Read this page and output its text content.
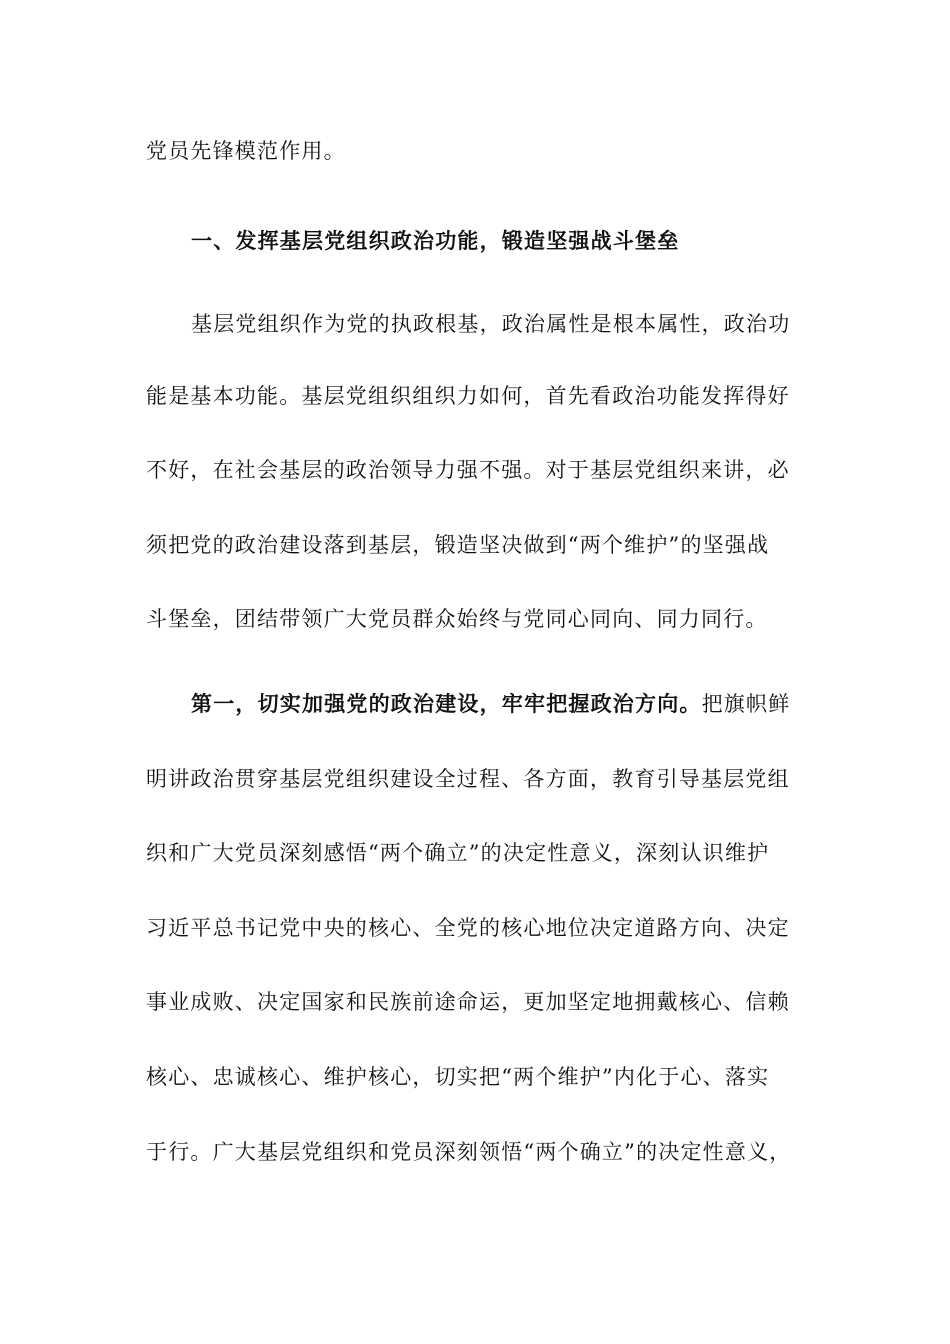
党员先锋模范作用。
一、发挥基层党组织政治功能，锻造坚强战斗堡垒
基层党组织作为党的执政根基，政治属性是根本属性，政治功
能是基本功能。基层党组织组织力如何，首先看政治功能发挥得好
不好，在社会基层的政治领导力强不强。对于基层党组织来讲，必
须把党的政治建设落到基层，锻造坚决做到“两个维护”的坚强战
斗堡垒，团结带领广大党员群众始终与党同心同向、同力同行。
第一，切实加强党的政治建设，牢牢把握政治方向。把旗帜鲜
明讲政治贯穿基层党组织建设全过程、各方面，教育引导基层党组
织和广大党员深刻感悟“两个确立”的决定性意义，深刻认识维护
习近平总书记党中央的核心、全党的核心地位决定道路方向、决定
事业成败、决定国家和民族前途命运，更加坚定地拥戴核心、信赖
核心、忠诚核心、维护核心，切实把“两个维护”内化于心、落实
于行。广大基层党组织和党员深刻领悟“两个确立”的决定性意义，
